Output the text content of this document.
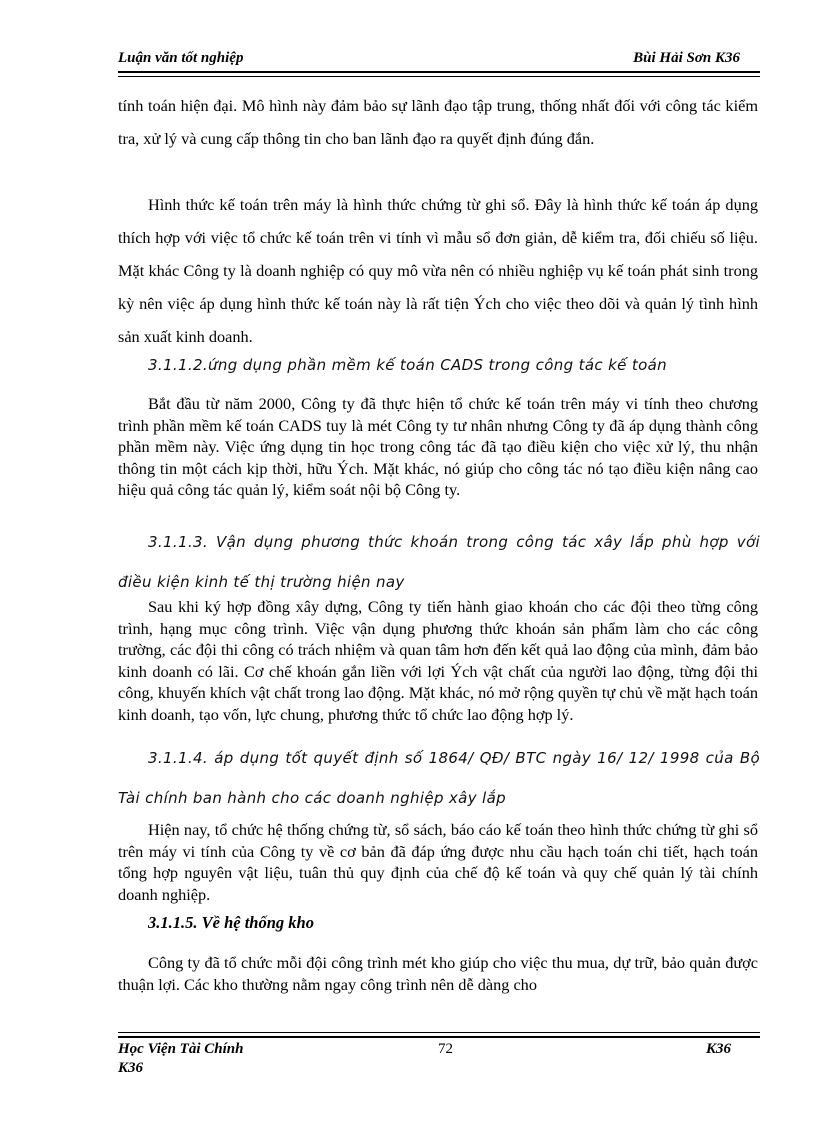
Luận văn tốt nghiệp	Bùi Hải Sơn K36

tính toán hiện đại. Mô hình này đảm bảo sự lãnh đạo tập trung, thống nhất đối với công tác kiểm tra, xử lý và cung cấp thông tin cho ban lãnh đạo ra quyết định đúng đắn.

Hình thức kế toán trên máy là hình thức chứng từ ghi sổ. Đây là hình thức kế toán áp dụng thích hợp với việc tổ chức kế toán trên vi tính vì mẫu sổ đơn giản, dễ kiểm tra, đối chiếu số liệu. Mặt khác Công ty là doanh nghiệp có quy mô vừa nên có nhiều nghiệp vụ kế toán phát sinh trong kỳ nên việc áp dụng hình thức kế toán này là rất tiện Ých cho việc theo dõi và quản lý tình hình sản xuất kinh doanh.

3.1.1.2.ứng dụng phần mềm kế toán CADS trong công tác kế toán

Bắt đầu từ năm 2000, Công ty đã thực hiện tổ chức kế toán trên máy vi tính theo chương trình phần mềm kế toán CADS tuy là mét Công ty tư nhân nhưng Công ty đã áp dụng thành công phần mềm này. Việc ứng dụng tin học trong công tác đã tạo điều kiện cho việc xử lý, thu nhận thông tin một cách kịp thời, hữu Ých. Mặt khác, nó giúp cho công tác nó tạo điều kiện nâng cao hiệu quả công tác quản lý, kiểm soát nội bộ Công ty.

3.1.1.3. Vận dụng phương thức khoán trong công tác xây lắp phù hợp với điều kiện kinh tế thị trường hiện nay

Sau khi ký hợp đồng xây dựng, Công ty tiến hành giao khoán cho các đội theo từng công trình, hạng mục công trình. Việc vận dụng phương thức khoán sản phẩm làm cho các công trường, các đội thi công có trách nhiệm và quan tâm hơn đến kết quả lao động của mình, đảm bảo kinh doanh có lãi. Cơ chế khoán gắn liền với lợi Ých vật chất của người lao động, từng đội thi công, khuyến khích vật chất trong lao động. Mặt khác, nó mở rộng quyền tự chủ về mặt hạch toán kinh doanh, tạo vốn, lực chung, phương thức tổ chức lao động hợp lý.

3.1.1.4. áp dụng tốt quyết định số 1864/ QĐ/ BTC ngày 16/ 12/ 1998 của Bộ Tài chính ban hành cho các doanh nghiệp xây lắp

Hiện nay, tổ chức hệ thống chứng từ, sổ sách, báo cáo kế toán theo hình thức chứng từ ghi sổ trên máy vi tính của Công ty về cơ bản đã đáp ứng được nhu cầu hạch toán chi tiết, hạch toán tổng hợp nguyên vật liệu, tuân thủ quy định của chế độ kế toán và quy chế quản lý tài chính doanh nghiệp.

3.1.1.5. Về hệ thống kho

Công ty đã tổ chức mỗi đội công trình mét kho giúp cho việc thu mua, dự trữ, bảo quản được thuận lợi. Các kho thường nằm ngay công trình nên dễ dàng cho

Học Viện Tài Chính
K36
72	K36
